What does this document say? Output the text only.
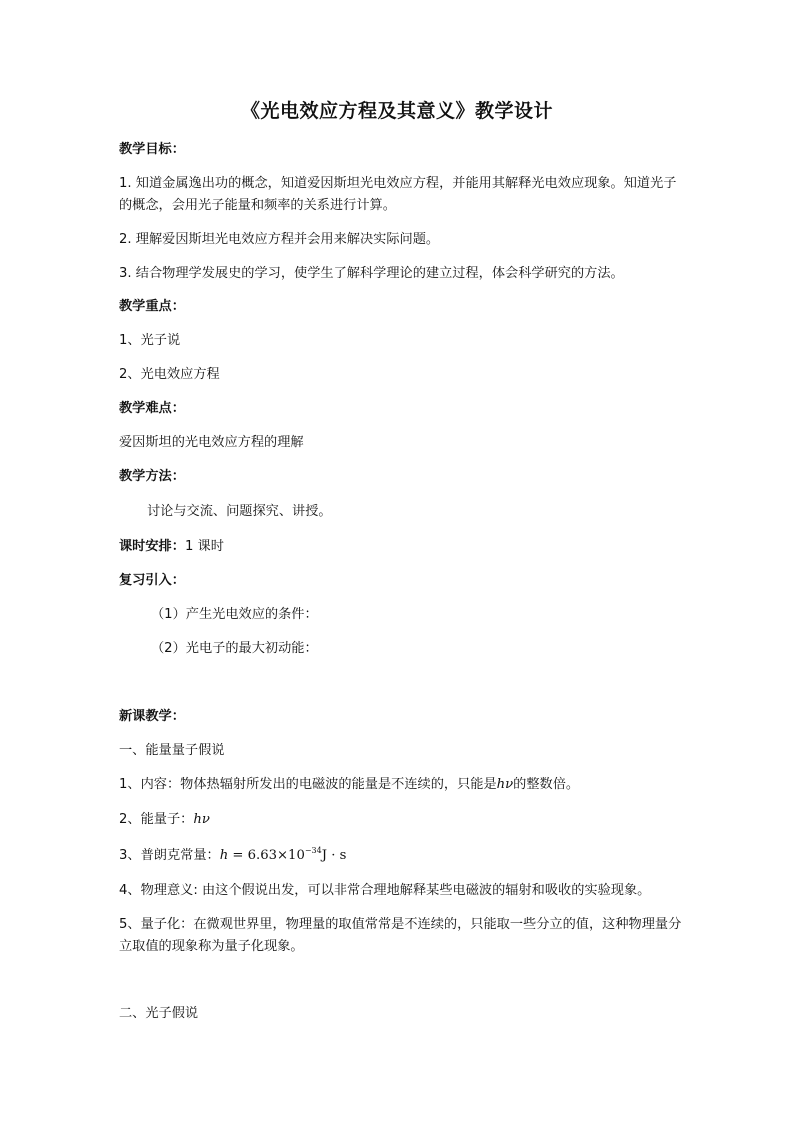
《光电效应方程及其意义》教学设计
教学目标：
1. 知道金属逸出功的概念，知道爱因斯坦光电效应方程，并能用其解释光电效应现象。知道光子的概念，会用光子能量和频率的关系进行计算。
2. 理解爱因斯坦光电效应方程并会用来解决实际问题。
3. 结合物理学发展史的学习，使学生了解科学理论的建立过程，体会科学研究的方法。
教学重点：
1、光子说
2、光电效应方程
教学难点：
爱因斯坦的光电效应方程的理解
教学方法：
讨论与交流、问题探究、讲授。
课时安排：1 课时
复习引入：
（1）产生光电效应的条件：
（2）光电子的最大初动能：
新课教学：
一、能量量子假说
1、内容：物体热辐射所发出的电磁波的能量是不连续的，只能是hν的整数倍。
2、能量子：hν
3、普朗克常量：$h = 6.63\times 10^{-34}J \cdot s$
4、物理意义: 由这个假说出发，可以非常合理地解释某些电磁波的辐射和吸收的实验现象。
5、量子化：在微观世界里，物理量的取值常常是不连续的，只能取一些分立的值，这种物理量分立取值的现象称为量子化现象。
二、光子假说
